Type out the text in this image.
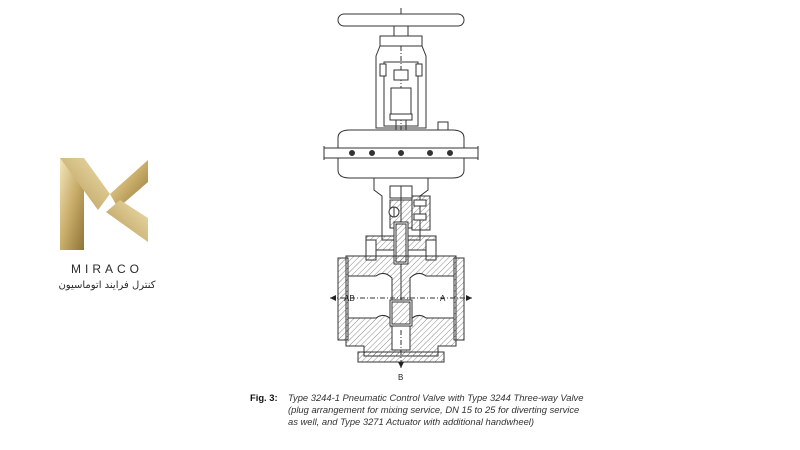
MIRACO
کنترل فرایند اتوماسیون
AB	A
B
Fig. 3: Type 3244-1 Pneumatic Control Valve with Type 3244 Three-way Valve (plug arrangement for mixing service, DN 15 to 25 for diverting service as well, and Type 3271 Actuator with additional handwheel)
